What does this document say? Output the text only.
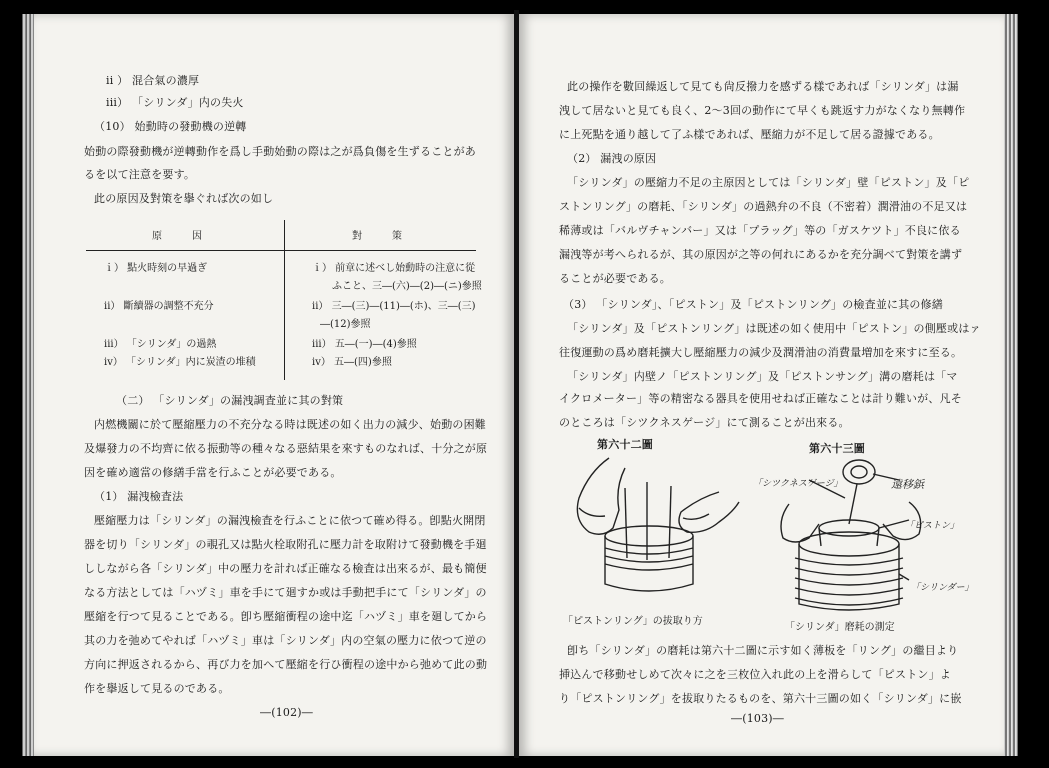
ii ） 混合氣の濃厚
iii） 「シリンダ」内の失火
（10） 始動時の發動機の逆轉
始動の際發動機が逆轉動作を爲し手動始動の際は之が爲負傷を生ずることがあ
るを以て注意を要す。
此の原因及對策を擧ぐれば次の如し
原　　　因	對　　　策
ｉ） 點火時刻の早過ぎ	ｉ） 前章に述べし始動時の注意に從
ふこと、三―(六)―(2)―(ニ)參照
ii） 斷續器の調整不充分	ii） 三―(三)―(11)―(ホ)、三―(三)
―(12)參照
iii） 「シリンダ」の過熱	iii） 五―(一)―(4)參照
iv） 「シリンダ」内に炭渣の堆積	iv） 五―(四)參照
（二） 「シリンダ」の漏洩調査並に其の對策
内燃機關に於て壓縮壓力の不充分なる時は既述の如く出力の減少、始動の困難
及爆發力の不均齊に依る振動等の種々なる惡結果を來すものなれば、十分之が原
因を確め適當の修繕手當を行ふことが必要である。
（1） 漏洩檢査法
壓縮壓力は「シリンダ」の漏洩檢査を行ふことに依つて確め得る。卽點火開閉
器を切り「シリンダ」の覗孔又は點火栓取附孔に壓力計を取附けて發動機を手廻
ししながら各「シリンダ」中の壓力を計れば正確なる檢査は出來るが、最も簡便
なる方法としては「ハヅミ」車を手にて廻すか或は手動把手にて「シリンダ」の
壓縮を行つて見ることである。卽ち壓縮衝程の途中迄「ハヅミ」車を廻してから
其の力を弛めてやれば「ハヅミ」車は「シリンダ」内の空氣の壓力に依つて逆の
方向に押返されるから、再び力を加へて壓縮を行ひ衝程の途中から弛めて此の動
作を擧返して見るのである。
―(102)―
此の操作を數回繰返して見ても尙反撥力を感ずる樣であれば「シリンダ」は漏
洩して居ないと見ても良く、2～3回の動作にて早くも跳返す力がなくなり無轉作
に上死點を通り越して了ふ樣であれば、壓縮力が不足して居る證據である。
（2） 漏洩の原因
「シリンダ」の壓縮力不足の主原因としては「シリンダ」壁「ピストン」及「ピ
ストンリング」の磨耗、「シリンダ」の過熱弁の不良（不密着）潤滑油の不足又は
稀薄或は「バルヴチャンバー」又は「プラッグ」等の「ガスケツト」不良に依る
漏洩等が考へられるが、其の原因が之等の何れにあるかを充分調べて對策を講ず
ることが必要である。
（3） 「シリンダ」、「ピストン」及「ピストンリング」の檢査並に其の修繕
「シリンダ」及「ピストンリング」は既述の如く使用中「ピストン」の側壓或はァ
往復運動の爲め磨耗擴大し壓縮壓力の減少及潤滑油の消費量増加を來すに至る。
「シリンダ」内壁ノ「ピストンリング」及「ピストンサング」溝の磨耗は「マ
イクロメーター」等の精密なる器具を使用せねば正確なことは計り難いが、凡そ
のところは「シツクネスゲージ」にて測ることが出來る。
第六十二圖
「ピストンリング」の拔取り方
第六十三圖
「シツクネスゲージ」	遠移鋲
「ピストン」
「シリンダー」
「シリンダ」磨耗の測定
卽ち「シリンダ」の磨耗は第六十二圖に示す如く薄板を「リング」の繼目より
挿込んで移動せしめて次々に之を三枚位入れ此の上を滑らして「ピストン」よ
り「ピストンリング」を拔取りたるものを、第六十三圖の如く「シリンダ」に嵌
―(103)―
